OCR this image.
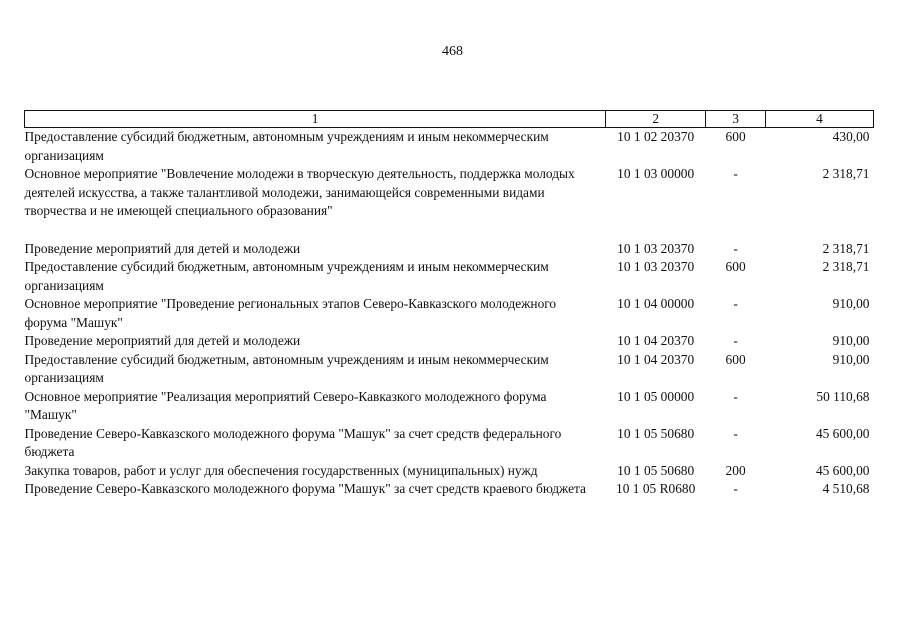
468
1	2	3	4
Предоставление субсидий бюджетным, автономным учреждениям и иным некоммерческим организациям	10 1 02 20370	600	430,00
Основное мероприятие "Вовлечение молодежи в творческую деятельность, поддержка молодых деятелей искусства, а также талантливой молодежи, занимающейся современными видами творчества и не имеющей специального образования"	10 1 03 00000	-	2 318,71
Проведение мероприятий для детей и молодежи	10 1 03 20370	-	2 318,71
Предоставление субсидий бюджетным, автономным учреждениям и иным некоммерческим организациям	10 1 03 20370	600	2 318,71
Основное мероприятие "Проведение региональных этапов Северо-Кавказского молодежного форума "Машук"	10 1 04 00000	-	910,00
Проведение мероприятий для детей и молодежи	10 1 04 20370	-	910,00
Предоставление субсидий бюджетным, автономным учреждениям и иным некоммерческим организациям	10 1 04 20370	600	910,00
Основное мероприятие "Реализация мероприятий Северо-Кавказкого молодежного форума "Машук"	10 1 05 00000	-	50 110,68
Проведение Северо-Кавказского молодежного форума "Машук" за счет средств федерального бюджета	10 1 05 50680	-	45 600,00
Закупка товаров, работ и услуг для обеспечения государственных (муниципальных) нужд	10 1 05 50680	200	45 600,00
Проведение Северо-Кавказского молодежного форума "Машук" за счет средств краевого бюджета	10 1 05 R0680	-	4 510,68
